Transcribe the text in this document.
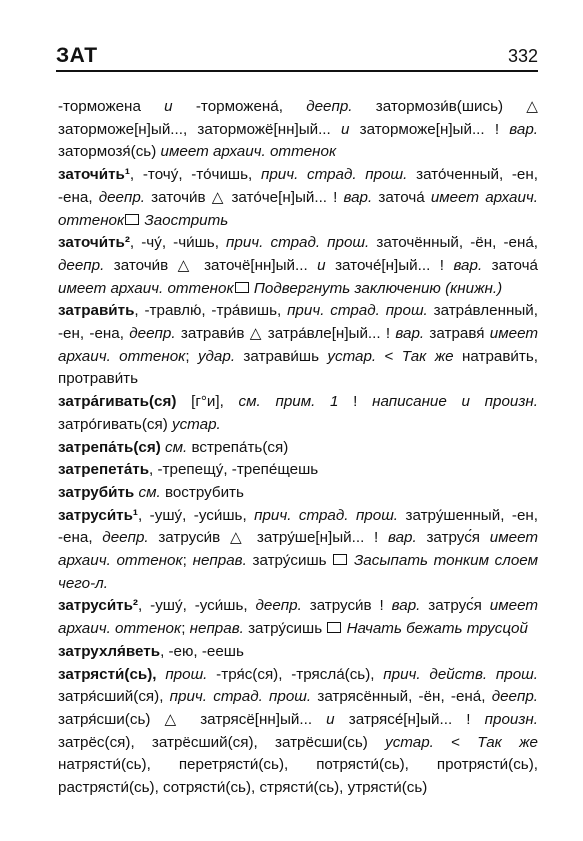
ЗАТ	332

-торможена и -торможена́, деепр. затормози́в(шись) △ заторможе[н]ый..., заторможё[нн]ый... и заторможе[н]ый... ! вар. затормозя́(сь) имеет архаич. оттенок

заточи́ть¹, -точу́, -то́чишь, прич. страд. прош. зато́ченный, -ен, -ена, деепр. заточи́в △ зато́че[н]ый... ! вар. заточа́ имеет архаич. оттенок Заострить

заточи́ть², -чу́, -чи́шь, прич. страд. прош. заточённый, -ён, -ена́, деепр. заточи́в △ заточё[нн]ый... и заточе́[н]ый... ! вар. заточа́ имеет архаич. оттенок Подвергнуть заключению (книжн.)

затрави́ть, -травлю́, -тра́вишь, прич. страд. прош. затра́вленный, -ен, -ена, деепр. затрави́в △ затра́вле[н]ый... ! вар. затравя́ имеет архаич. оттенок; удар. затрави́шь устар. < Так же натрави́ть, протрави́ть

затра́гивать(ся) [г°и], см. прим. 1 ! написание и произн. затро́гивать(ся) устар.

затрепа́ть(ся) см. встрепа́ть(ся)

затрепета́ть, -трепещу́, -трепе́щешь

затруби́ть см. вострубить

затруси́ть¹, -ушу́, -уси́шь, прич. страд. прош. затру́шенный, -ен, -ена, деепр. затруси́в △ затру́ше[н]ый... ! вар. затрус́я имеет архаич. оттенок; неправ. затру́сишь  Засыпать тонким слоем чего-л.

затруси́ть², -ушу́, -уси́шь, деепр. затруси́в ! вар. затрус́я имеет архаич. оттенок; неправ. затру́сишь  Начать бежать трусцой

затрухля́веть, -ею, -еешь

затрясти́(сь), прош. -тря́с(ся), -трясла́(сь), прич. действ. прош. затря́сший(ся), прич. страд. прош. затрясённый, -ён, -ена́, деепр. затря́сши(сь) △ затрясё[нн]ый... и затрясе́[н]ый... ! произн. затрёс(ся), затрёсший(ся), затрёсши(сь) устар. < Так же натрясти́(сь), перетрясти́(сь), потрясти́(сь), протрясти́(сь), растрясти́(сь), сотрясти́(сь), стрясти́(сь), утрясти́(сь)
